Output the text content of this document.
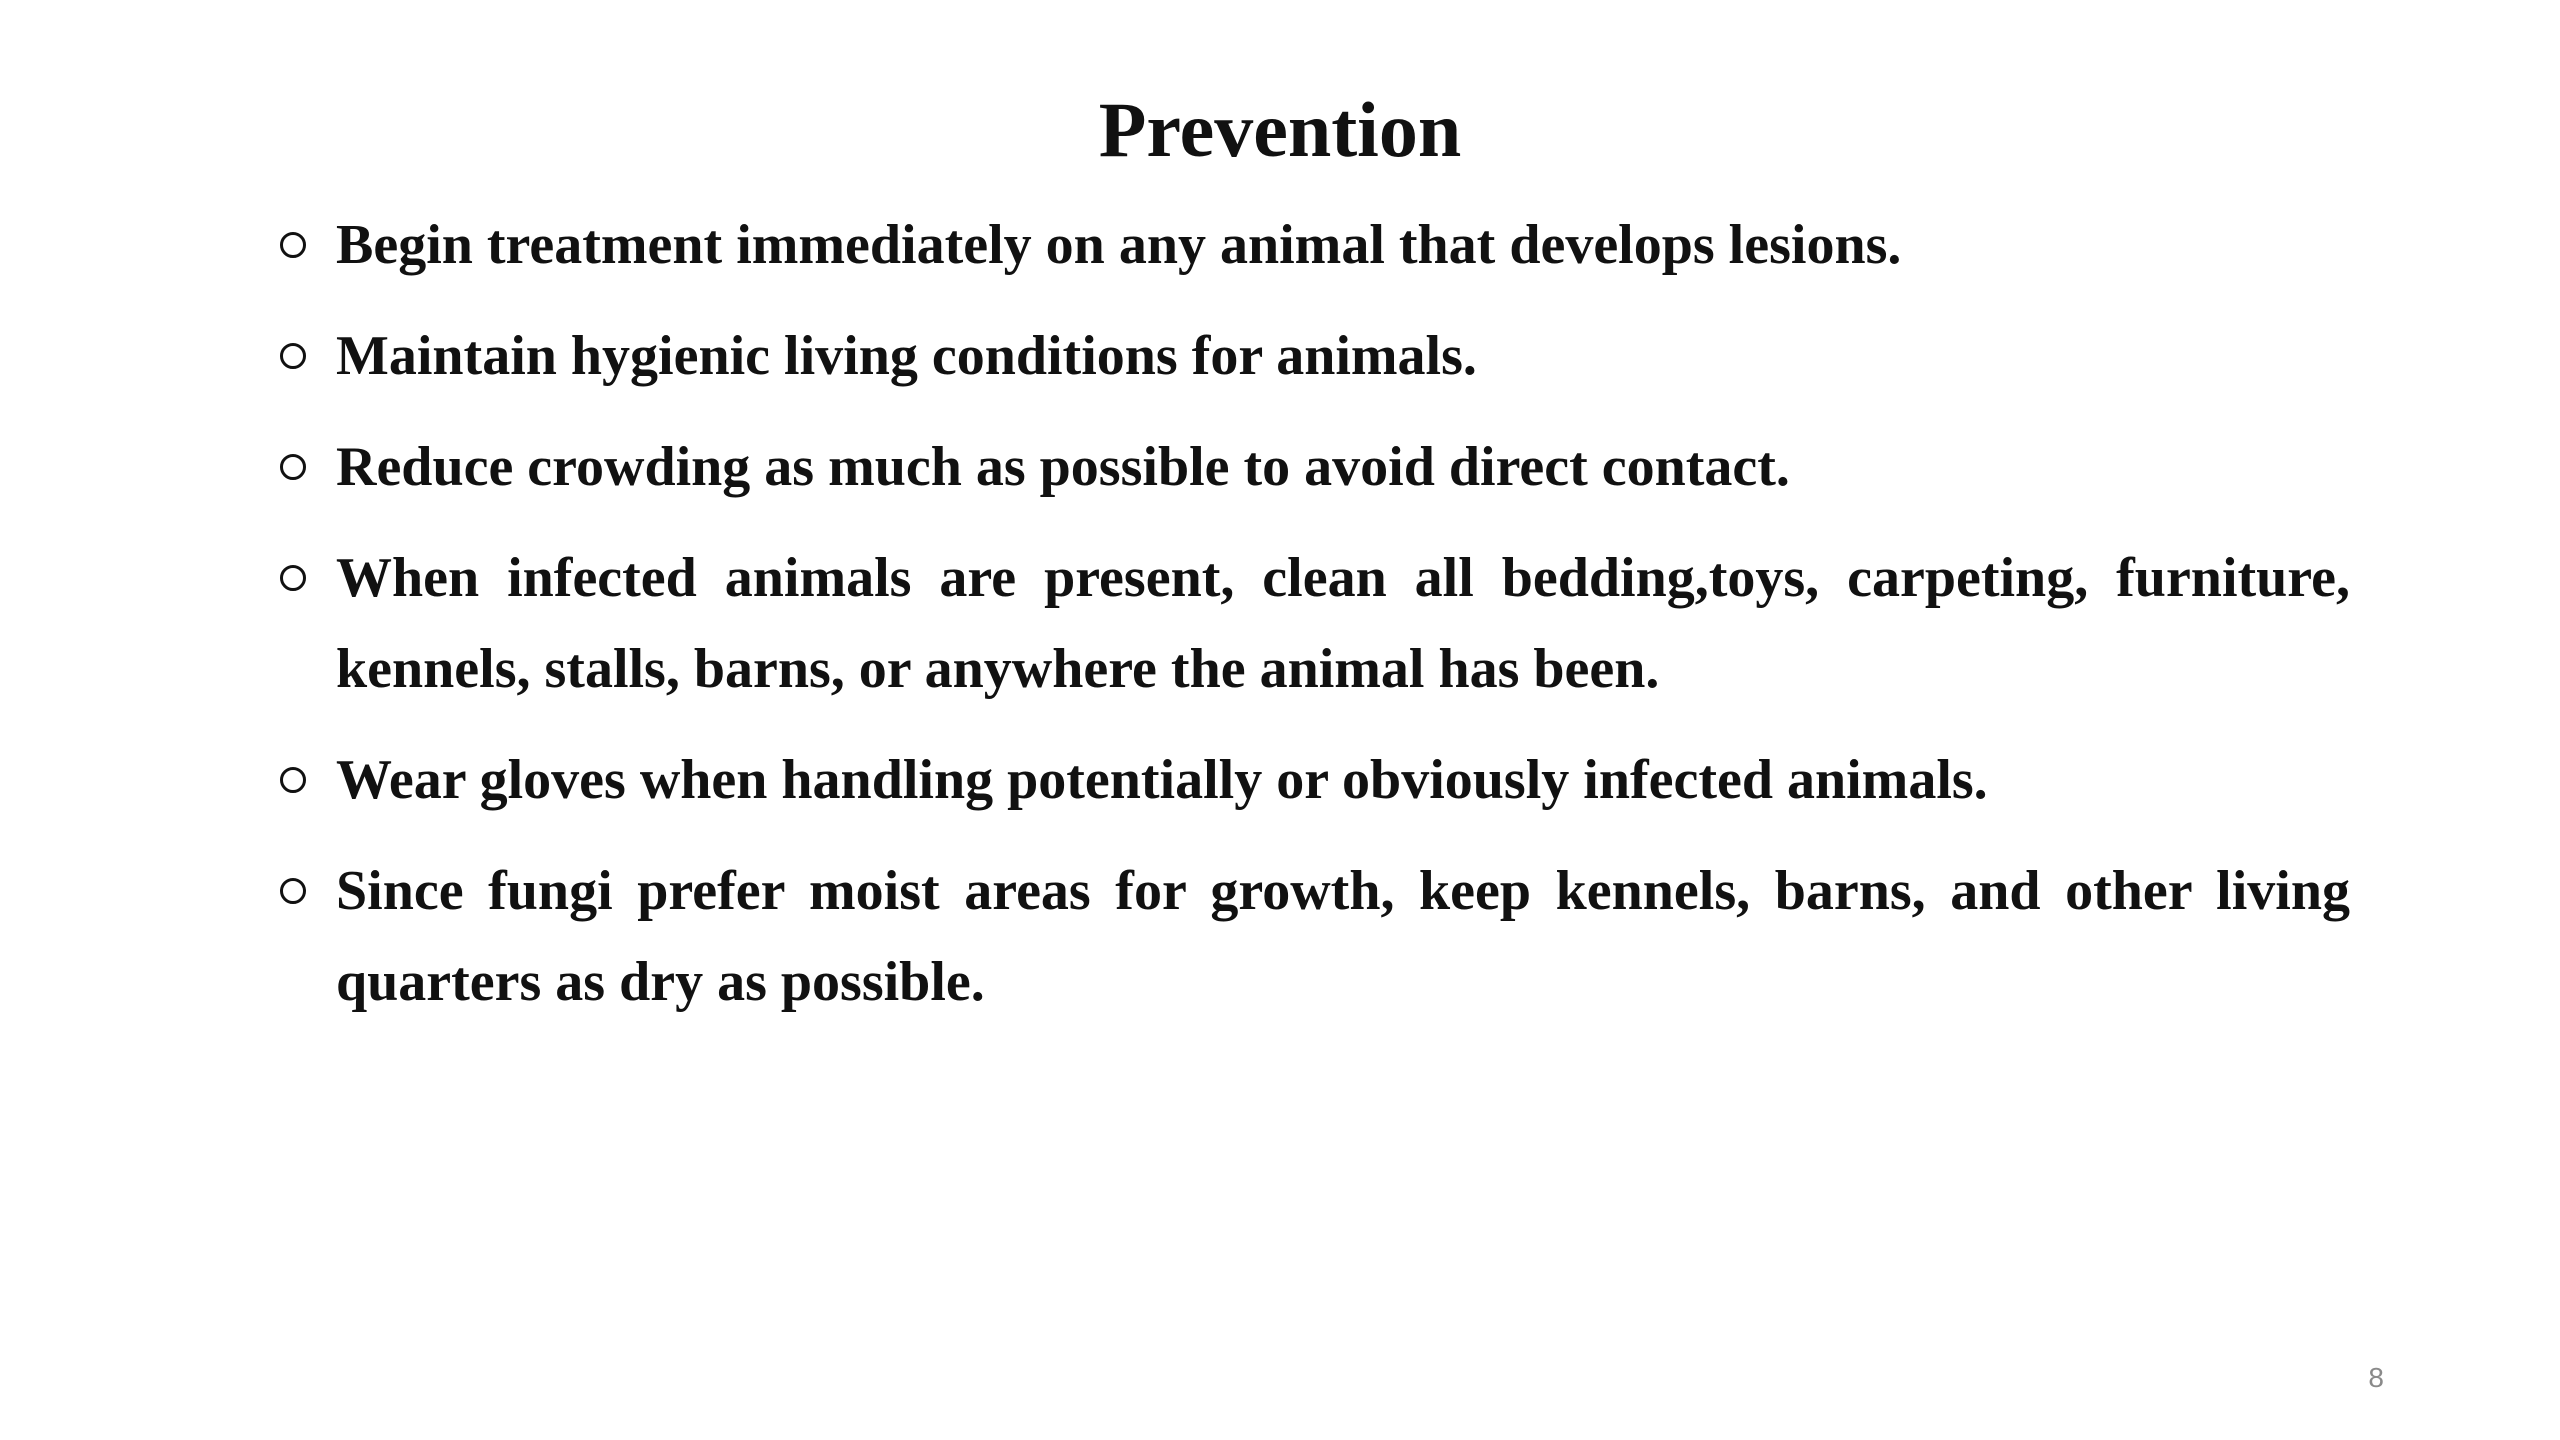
Prevention
Begin treatment immediately on any animal that develops lesions.
Maintain hygienic living conditions for animals.
Reduce crowding as much as possible to avoid direct contact.
When infected animals are present, clean all bedding,toys, carpeting, furniture, kennels, stalls, barns, or anywhere the animal has been.
Wear gloves when handling potentially or obviously infected animals.
Since fungi prefer moist areas for growth, keep kennels, barns, and other living quarters as dry as possible.
8
